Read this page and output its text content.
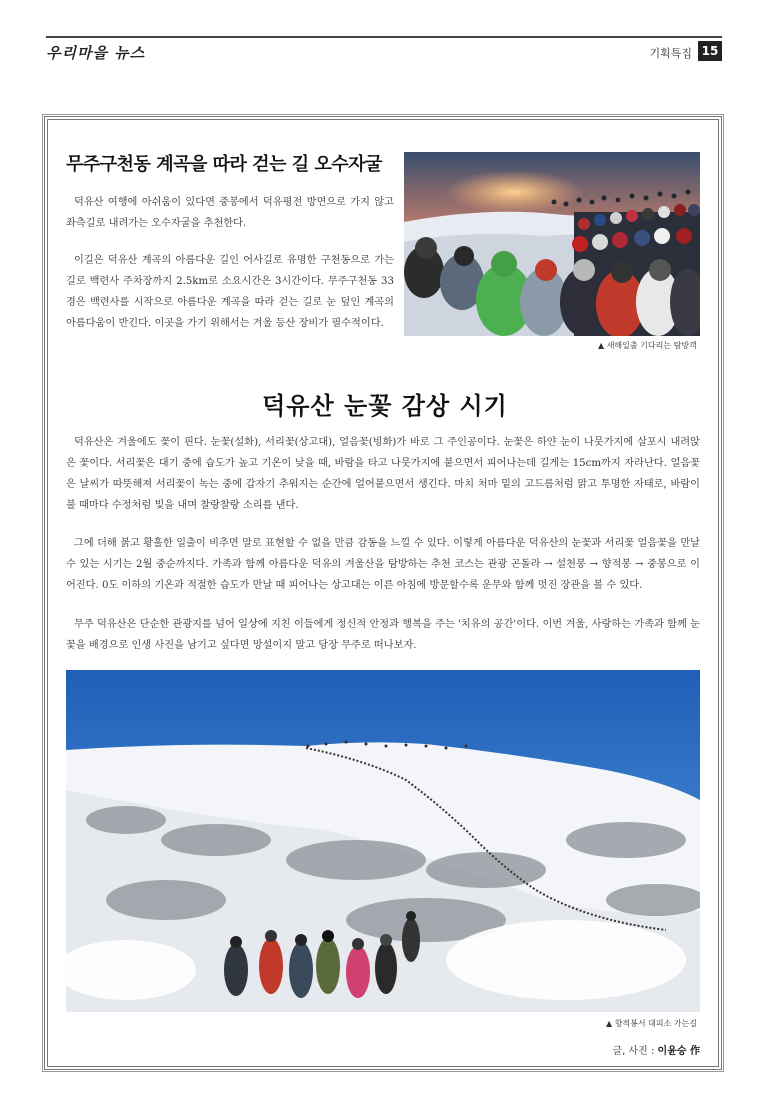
우리마을 뉴스	기획특집 15
무주구천동 계곡을 따라 걷는 길 오수자굴

덕유산 여행에 아쉬움이 있다면 중봉에서 덕유평전 방면으로 가지 않고 좌측길로 내려가는 오수자굴을 추천한다.

이길은 덕유산 계곡의 아름다운 길인 어사길로 유명한 구천동으로 가는 길로 백련사 주차장까지 2.5km로 소요시간은 3시간이다. 무주구천동 33경은 백련사를 시작으로 아름다운 계곡을 따라 걷는 길로 눈 덮인 계곡의 아름다움이 반긴다. 이곳을 가기 위해서는 겨울 등산 장비가 필수적이다.

▲ 새해일출 기다리는 탐방객
덕유산 눈꽃 감상 시기

덕유산은 겨울에도 꽃이 핀다. 눈꽃(설화), 서리꽃(상고대), 얼음꽃(빙화)가 바로 그 주인공이다. 눈꽃은 하얀 눈이 나뭇가지에 살포시 내려앉은 꽃이다. 서리꽃은 대기 중에 습도가 높고 기온이 낮을 때, 바람을 타고 나뭇가지에 붙으면서 피어나는데 길게는 15cm까지 자라난다. 얼음꽃은 날씨가 따뜻해져 서리꽃이 녹는 중에 갑자기 추워지는 순간에 얼어붙으면서 생긴다. 마치 처마 밑의 고드름처럼 맑고 투명한 자태로, 바람이 불 때마다 수정처럼 빛을 내며 찰랑찰랑 소리를 낸다.

그에 더해 붉고 황홀한 일출이 비추면 말로 표현할 수 없을 만큼 감동을 느낄 수 있다. 이렇게 아름다운 덕유산의 눈꽃과 서리꽃 얼음꽃을 만날 수 있는 시기는 2월 중순까지다. 가족과 함께 아름다운 덕유의 겨울산을 탐방하는 추천 코스는 관광 곤돌라 → 설천봉 → 향적봉 → 중봉으로 이어진다. 0도 이하의 기온과 적절한 습도가 만날 때 피어나는 상고대는 이른 아침에 방문할수록 운무와 함께 멋진 장관을 볼 수 있다.

무주 덕유산은 단순한 관광지를 넘어 일상에 지친 이들에게 정신적 안정과 행복을 주는 '치유의 공간'이다. 이번 겨울, 사랑하는 가족과 함께 눈꽃을 배경으로 인생 사진을 남기고 싶다면 망설이지 말고 당장 무주로 떠나보자.

▲ 향적봉서 대피소 가는길
글, 사진 : 이윤승 作
